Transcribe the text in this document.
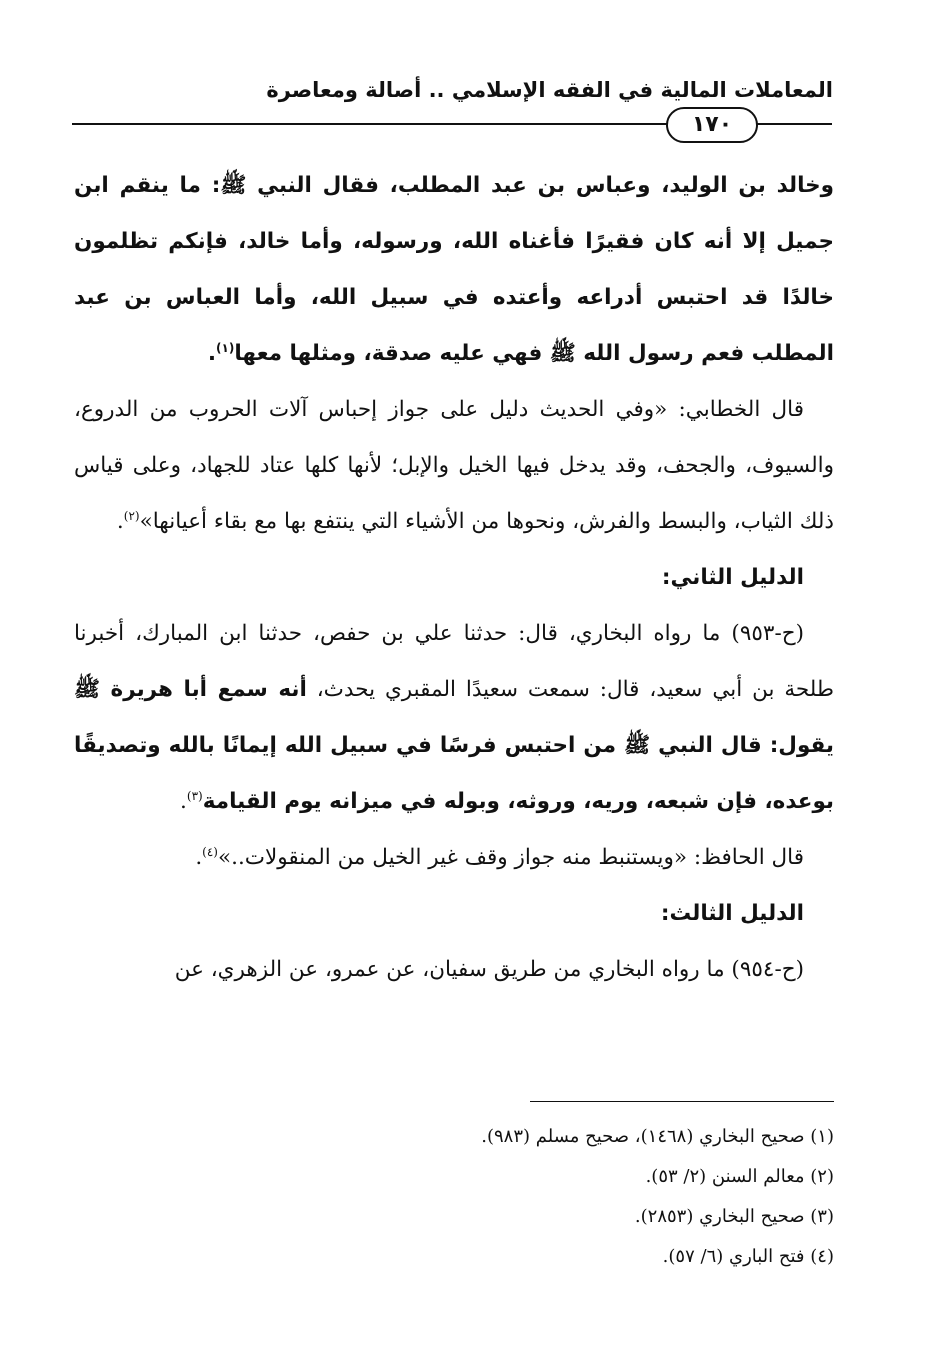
المعاملات المالية في الفقه الإسلامي .. أصالة ومعاصرة
١٧٠

وخالد بن الوليد، وعباس بن عبد المطلب، فقال النبي ﷺ: ما ينقم ابن جميل إلا أنه كان فقيرًا فأغناه الله، ورسوله، وأما خالد، فإنكم تظلمون خالدًا قد احتبس أدراعه وأعتده في سبيل الله، وأما العباس بن عبد المطلب فعم رسول الله ﷺ فهي عليه صدقة، ومثلها معها$^{(١)}$.

قال الخطابي: «وفي الحديث دليل على جواز إحباس آلات الحروب من الدروع، والسيوف، والجحف، وقد يدخل فيها الخيل والإبل؛ لأنها كلها عتاد للجهاد، وعلى قياس ذلك الثياب، والبسط والفرش، ونحوها من الأشياء التي ينتفع بها مع بقاء أعيانها»$^{(٢)}$.

الدليل الثاني:

(ح-٩٥٣) ما رواه البخاري، قال: حدثنا علي بن حفص، حدثنا ابن المبارك، أخبرنا طلحة بن أبي سعيد، قال: سمعت سعيدًا المقبري يحدث، أنه سمع أبا هريرة ﷺ يقول: قال النبي ﷺ من احتبس فرسًا في سبيل الله إيمانًا بالله وتصديقًا بوعده، فإن شبعه، وريه، وروثه، وبوله في ميزانه يوم القيامة$^{(٣)}$.

قال الحافظ: «ويستنبط منه جواز وقف غير الخيل من المنقولات..»$^{(٤)}$.

الدليل الثالث:

(ح-٩٥٤) ما رواه البخاري من طريق سفيان، عن عمرو، عن الزهري، عن

(١) صحيح البخاري (١٤٦٨)، صحيح مسلم (٩٨٣).
(٢) معالم السنن (٢/ ٥٣).
(٣) صحيح البخاري (٢٨٥٣).
(٤) فتح الباري (٦/ ٥٧).
